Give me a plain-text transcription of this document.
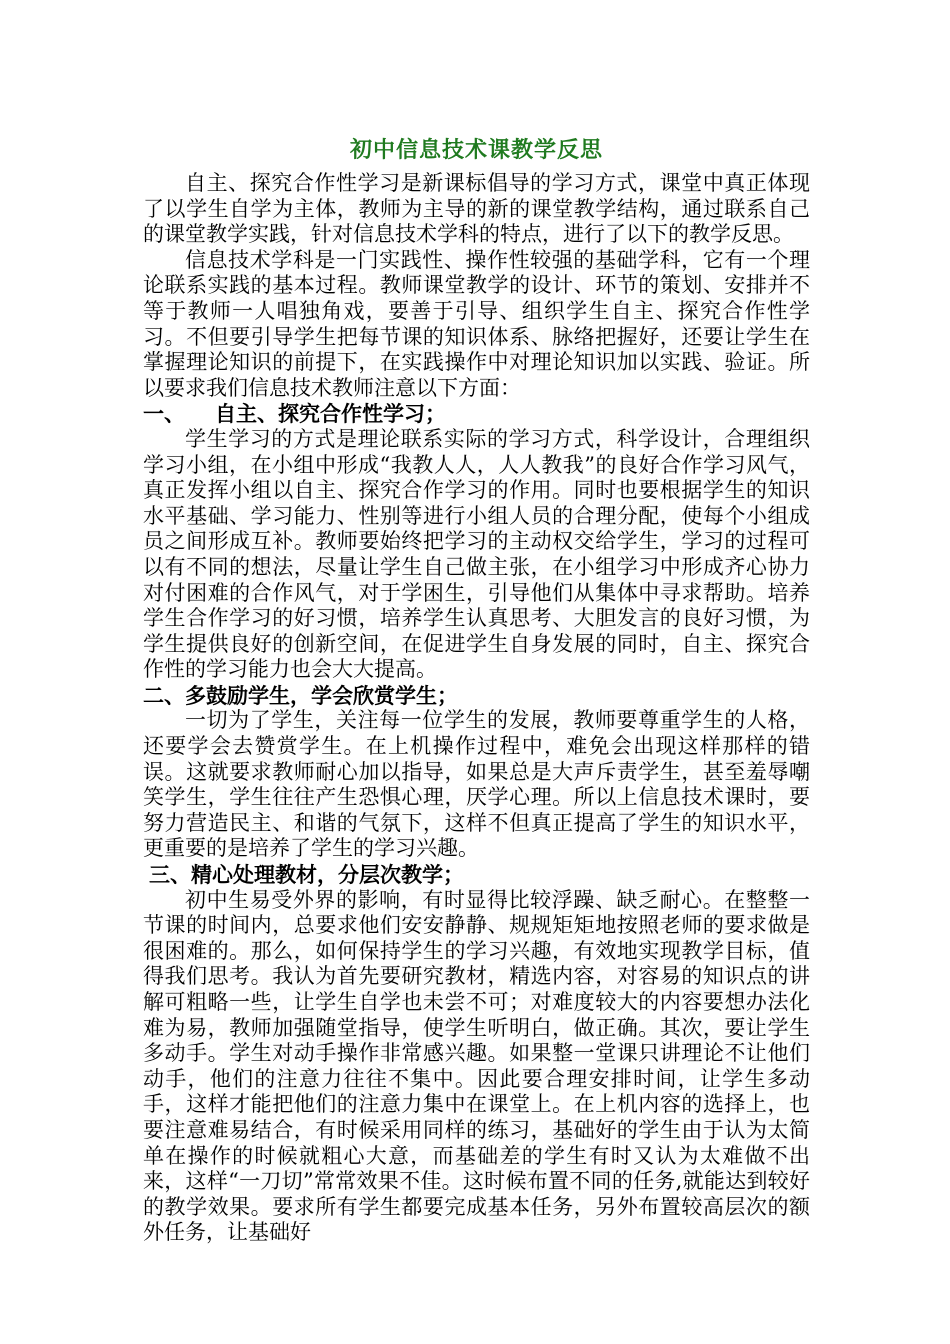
初中信息技术课教学反思

自主、探究合作性学习是新课标倡导的学习方式，课堂中真正体现了以学生自学为主体，教师为主导的新的课堂教学结构，通过联系自己的课堂教学实践，针对信息技术学科的特点，进行了以下的教学反思。

信息技术学科是一门实践性、操作性较强的基础学科，它有一个理论联系实践的基本过程。教师课堂教学的设计、环节的策划、安排并不等于教师一人唱独角戏，要善于引导、组织学生自主、探究合作性学习。不但要引导学生把每节课的知识体系、脉络把握好，还要让学生在掌握理论知识的前提下，在实践操作中对理论知识加以实践、验证。所以要求我们信息技术教师注意以下方面：

一、 自主、探究合作性学习；

学生学习的方式是理论联系实际的学习方式，科学设计，合理组织学习小组，在小组中形成“我教人人，人人教我”的良好合作学习风气，真正发挥小组以自主、探究合作学习的作用。同时也要根据学生的知识水平基础、学习能力、性别等进行小组人员的合理分配，使每个小组成员之间形成互补。教师要始终把学习的主动权交给学生，学习的过程可以有不同的想法，尽量让学生自己做主张，在小组学习中形成齐心协力对付困难的合作风气，对于学困生，引导他们从集体中寻求帮助。培养学生合作学习的好习惯，培养学生认真思考、大胆发言的良好习惯，为学生提供良好的创新空间，在促进学生自身发展的同时，自主、探究合作性的学习能力也会大大提高。

二、多鼓励学生，学会欣赏学生；

一切为了学生，关注每一位学生的发展，教师要尊重学生的人格，还要学会去赞赏学生。在上机操作过程中，难免会出现这样那样的错误。这就要求教师耐心加以指导，如果总是大声斥责学生，甚至羞辱嘲笑学生，学生往往产生恐惧心理，厌学心理。所以上信息技术课时，要努力营造民主、和谐的气氛下，这样不但真正提高了学生的知识水平，更重要的是培养了学生的学习兴趣。

三、精心处理教材，分层次教学；

初中生易受外界的影响，有时显得比较浮躁、缺乏耐心。在整整一节课的时间内，总要求他们安安静静、规规矩矩地按照老师的要求做是很困难的。那么，如何保持学生的学习兴趣，有效地实现教学目标，值得我们思考。我认为首先要研究教材，精选内容，对容易的知识点的讲解可粗略一些，让学生自学也未尝不可；对难度较大的内容要想办法化难为易，教师加强随堂指导，使学生听明白，做正确。其次，要让学生多动手。学生对动手操作非常感兴趣。如果整一堂课只讲理论不让他们动手，他们的注意力往往不集中。因此要合理安排时间，让学生多动手，这样才能把他们的注意力集中在课堂上。在上机内容的选择上，也要注意难易结合，有时候采用同样的练习，基础好的学生由于认为太简单在操作的时候就粗心大意，而基础差的学生有时又认为太难做不出来，这样“一刀切”常常效果不佳。这时候布置不同的任务,就能达到较好的教学效果。要求所有学生都要完成基本任务，另外布置较高层次的额外任务，让基础好
